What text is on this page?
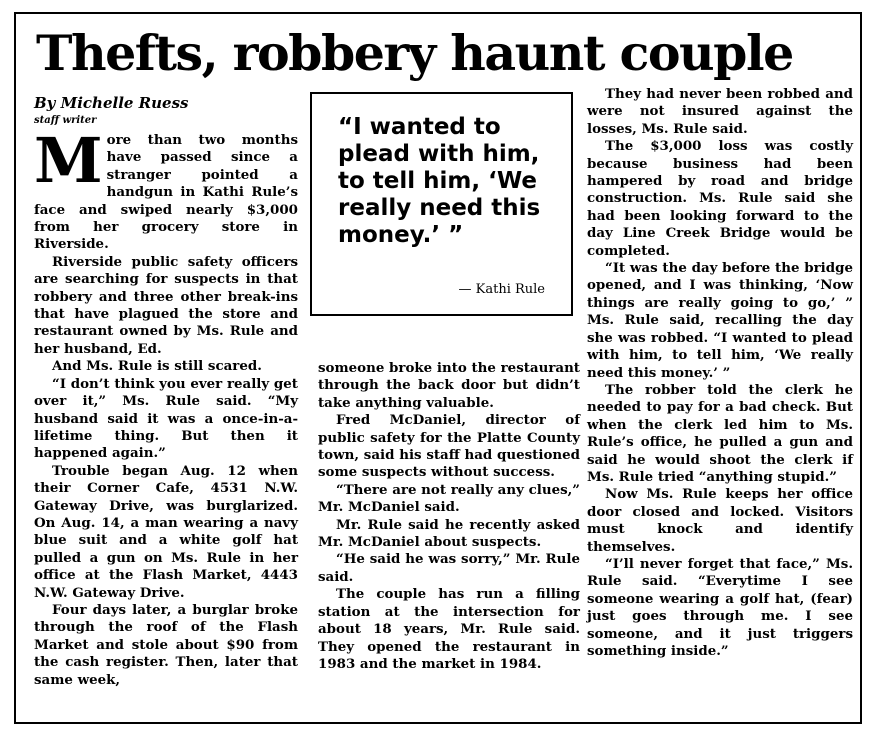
Thefts, robbery haunt couple
By Michelle Ruess
staff writer

More than two months have passed since a stranger pointed a handgun in Kathi Rule’s face and swiped nearly $3,000 from her grocery store in Riverside.

Riverside public safety officers are searching for suspects in that robbery and three other break-ins that have plagued the store and restaurant owned by Ms. Rule and her husband, Ed.

And Ms. Rule is still scared.

“I don’t think you ever really get over it,” Ms. Rule said. “My husband said it was a once-in-a-lifetime thing. But then it happened again.”

Trouble began Aug. 12 when their Corner Cafe, 4531 N.W. Gateway Drive, was burglarized. On Aug. 14, a man wearing a navy blue suit and a white golf hat pulled a gun on Ms. Rule in her office at the Flash Market, 4443 N.W. Gateway Drive.

Four days later, a burglar broke through the roof of the Flash Market and stole about $90 from the cash register. Then, later that same week,

“I wanted to plead with him, to tell him, ‘We really need this money.’ ”
— Kathi Rule

someone broke into the restaurant through the back door but didn’t take anything valuable.

Fred McDaniel, director of public safety for the Platte County town, said his staff had questioned some suspects without success.

“There are not really any clues,” Mr. McDaniel said.

Mr. Rule said he recently asked Mr. McDaniel about suspects.

“He said he was sorry,” Mr. Rule said.

The couple has run a filling station at the intersection for about 18 years, Mr. Rule said. They opened the restaurant in 1983 and the market in 1984.

They had never been robbed and were not insured against the losses, Ms. Rule said.

The $3,000 loss was costly because business had been hampered by road and bridge construction. Ms. Rule said she had been looking forward to the day Line Creek Bridge would be completed.

“It was the day before the bridge opened, and I was thinking, ‘Now things are really going to go,’ ” Ms. Rule said, recalling the day she was robbed. “I wanted to plead with him, to tell him, ‘We really need this money.’ ”

The robber told the clerk he needed to pay for a bad check. But when the clerk led him to Ms. Rule’s office, he pulled a gun and said he would shoot the clerk if Ms. Rule tried “anything stupid.”

Now Ms. Rule keeps her office door closed and locked. Visitors must knock and identify themselves.

“I’ll never forget that face,” Ms. Rule said. “Everytime I see someone wearing a golf hat, (fear) just goes through me. I see someone, and it just triggers something inside.”
